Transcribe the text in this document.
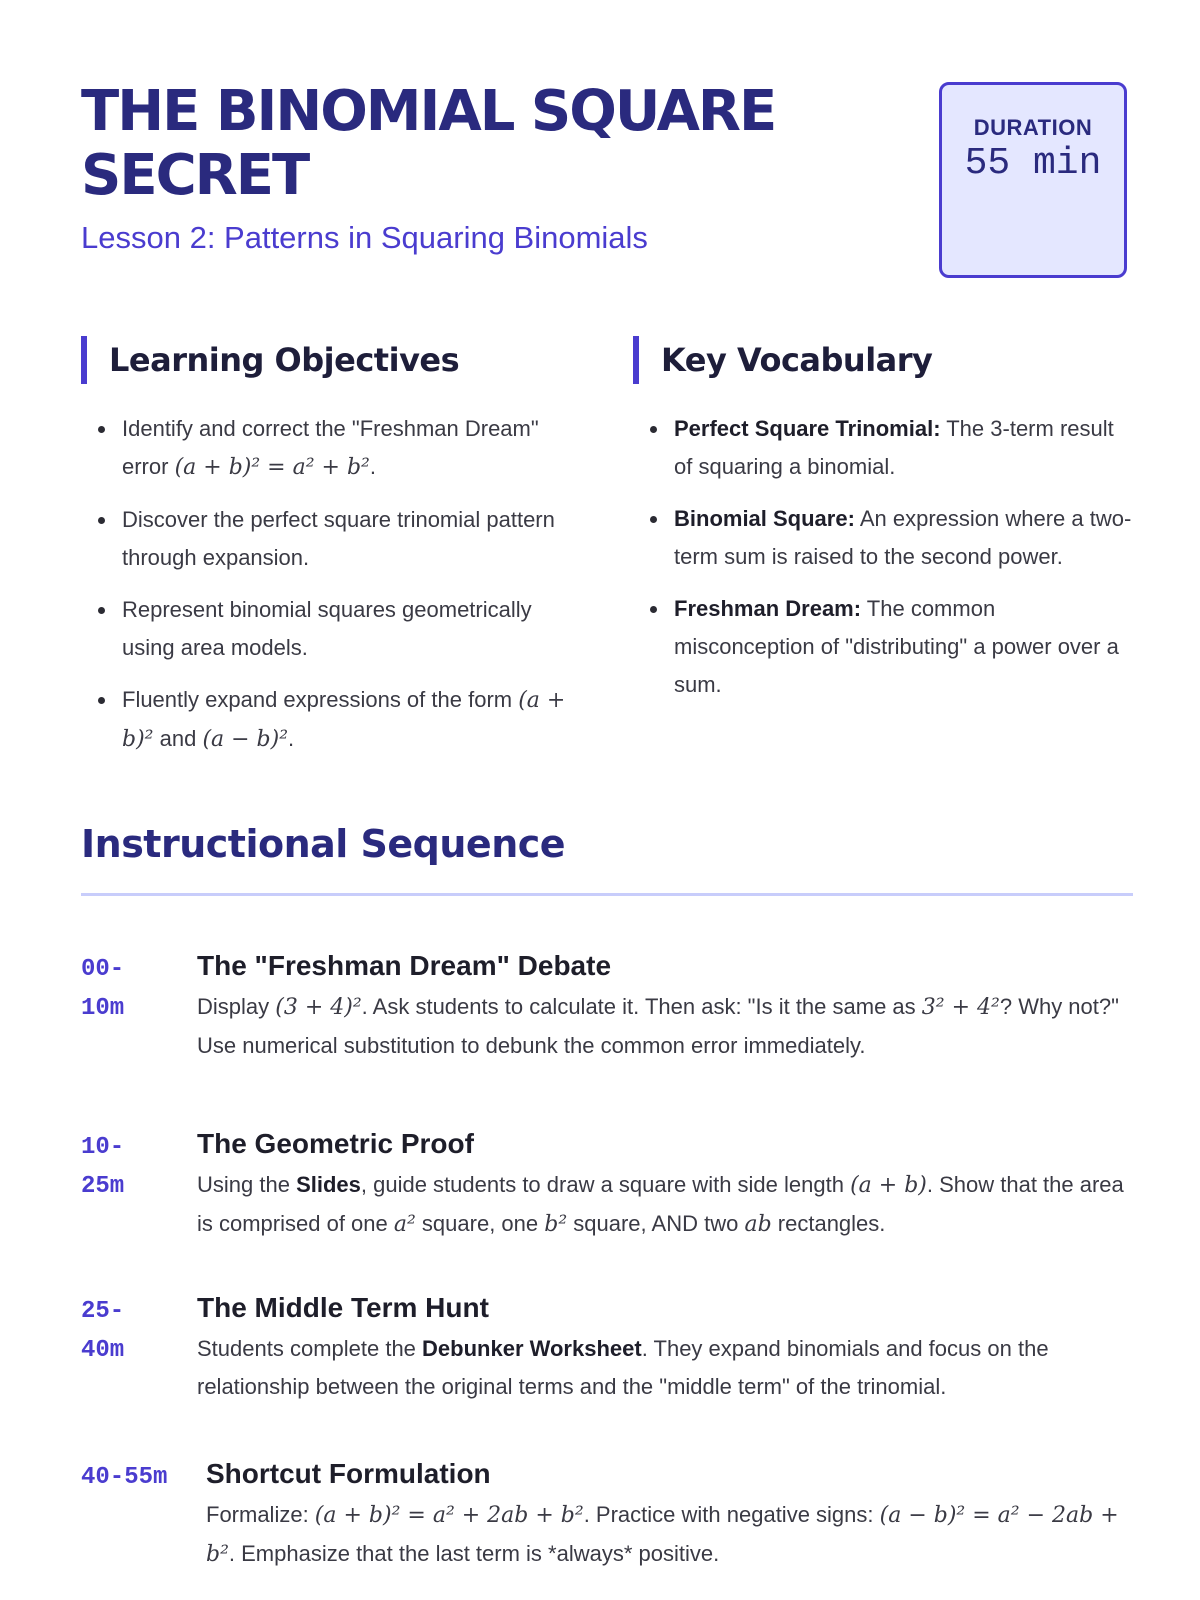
THE BINOMIAL SQUARE SECRET
Lesson 2: Patterns in Squaring Binomials
DURATION
55 min
Learning Objectives
Identify and correct the "Freshman Dream" error (a + b)² = a² + b².
Discover the perfect square trinomial pattern through expansion.
Represent binomial squares geometrically using area models.
Fluently expand expressions of the form (a + b)² and (a − b)².
Key Vocabulary
Perfect Square Trinomial: The 3-term result of squaring a binomial.
Binomial Square: An expression where a two-term sum is raised to the second power.
Freshman Dream: The common misconception of "distributing" a power over a sum.
Instructional Sequence
00-10m
The "Freshman Dream" Debate
Display (3 + 4)². Ask students to calculate it. Then ask: "Is it the same as 3² + 4²? Why not?" Use numerical substitution to debunk the common error immediately.
10-25m
The Geometric Proof
Using the Slides, guide students to draw a square with side length (a + b). Show that the area is comprised of one a² square, one b² square, AND two ab rectangles.
25-40m
The Middle Term Hunt
Students complete the Debunker Worksheet. They expand binomials and focus on the relationship between the original terms and the "middle term" of the trinomial.
40-55m Shortcut Formulation
Formalize: (a + b)² = a² + 2ab + b². Practice with negative signs: (a − b)² = a² − 2ab + b². Emphasize that the last term is *always* positive.
